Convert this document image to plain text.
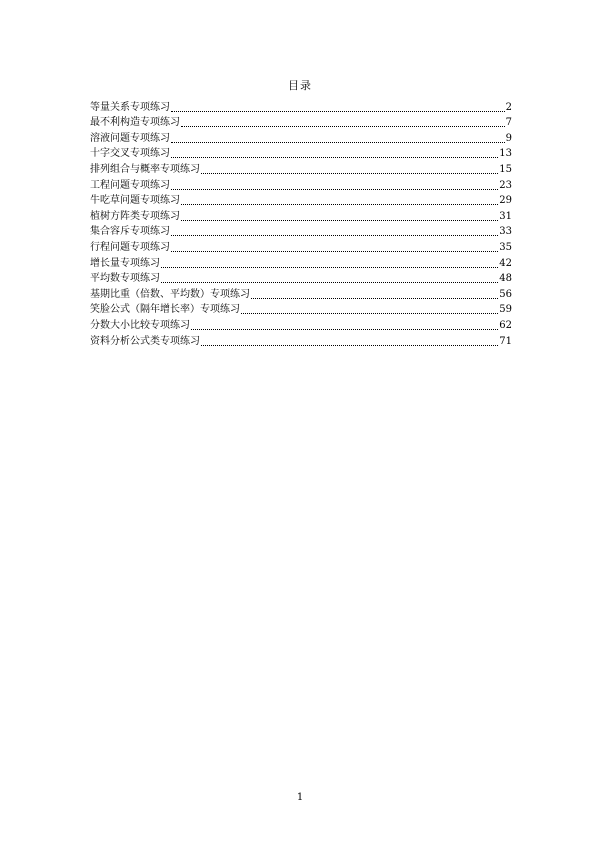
目录
等量关系专项练习	2
最不利构造专项练习	7
溶液问题专项练习	9
十字交叉专项练习	13
排列组合与概率专项练习	15
工程问题专项练习	23
牛吃草问题专项练习	29
植树方阵类专项练习	31
集合容斥专项练习	33
行程问题专项练习	35
增长量专项练习	42
平均数专项练习	48
基期比重（倍数、平均数）专项练习	56
笑脸公式（隔年增长率）专项练习	59
分数大小比较专项练习	62
资料分析公式类专项练习	71
1
